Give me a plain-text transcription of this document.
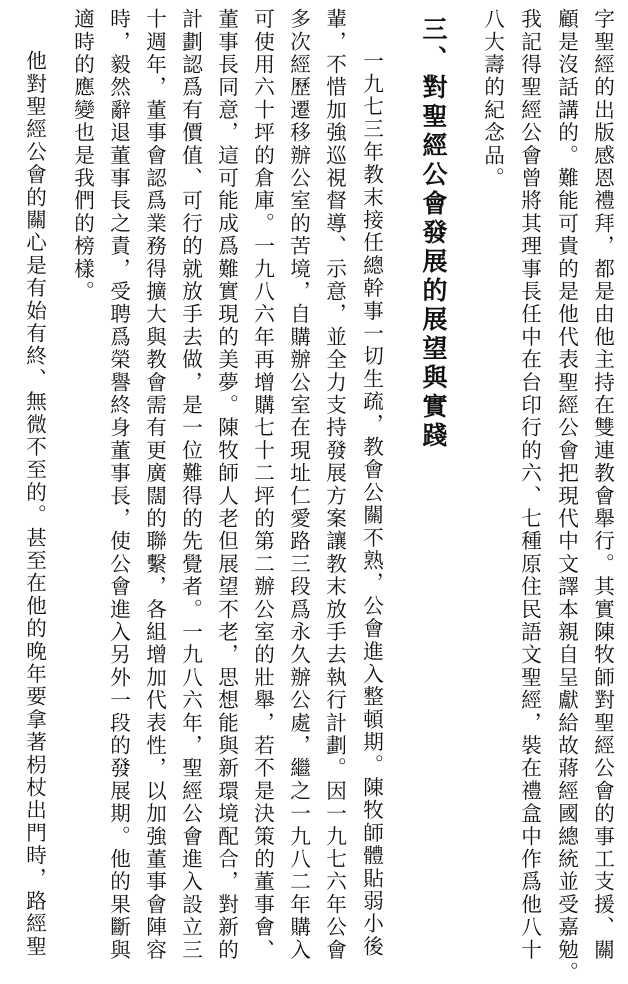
字聖經的出版感恩禮拜，都是由他主持在雙連教會舉行。其實陳牧師對聖經公會的事工支援、關

顧是沒話講的。難能可貴的是他代表聖經公會把現代中文譯本親自呈獻給故蔣經國總統並受嘉勉。

我記得聖經公會曾將其理事長任中在台印行的六、七種原住民語文聖經，裝在禮盒中作爲他八十

八大壽的紀念品。

三、對聖經公會發展的展望與實踐

一九七三年教末接任總幹事一切生疏，教會公關不熟，公會進入整頓期。陳牧師體貼弱小後

輩，不惜加強巡視督導、示意，並全力支持發展方案讓教末放手去執行計劃。因一九七六年公會

多次經歷遷移辦公室的苦境，自購辦公室在現址仁愛路三段爲永久辦公處，繼之一九八二年購入

可使用六十坪的倉庫。一九八六年再增購七十二坪的第二辦公室的壯舉，若不是決策的董事會、

董事長同意，這可能成爲難實現的美夢。陳牧師人老但展望不老，思想能與新環境配合，對新的

計劃認爲有價值、可行的就放手去做，是一位難得的先覺者。一九八六年，聖經公會進入設立三

十週年，董事會認爲業務得擴大與教會需有更廣闊的聯繫，各組增加代表性，以加強董事會陣容

時，毅然辭退董事長之責，受聘爲榮譽終身董事長，使公會進入另外一段的發展期。他的果斷與

適時的應變也是我們的榜樣。

他對聖經公會的關心是有始有終、無微不至的。甚至在他的晚年要拿著枴杖出門時，路經聖
